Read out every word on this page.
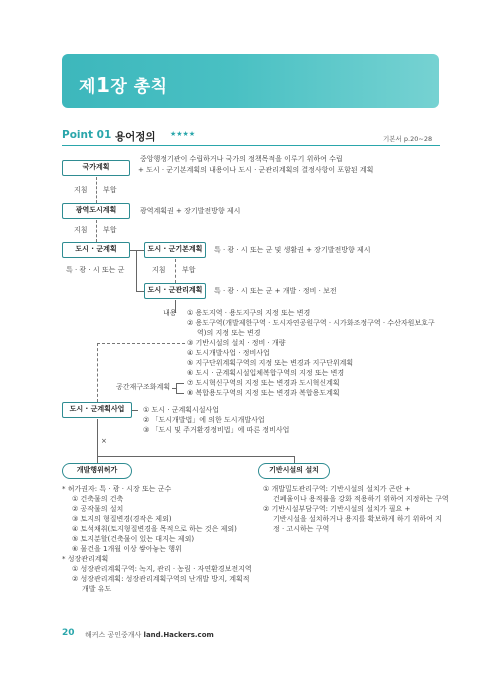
제1장 총칙
Point 01 용어정의 ★★★★
기본서 p.20~28
국가계획
중앙행정기관이 수립하거나 국가의 정책목적을 이루기 위하여 수립
+ 도시 · 군기본계획의 내용이나 도시 · 군관리계획의 결정사항이 포함된 계획
지침 부합
광역도시계획	광역계획권 + 장기발전방향 제시
지침 부합
도시 · 군계획
특 · 광 · 시 또는 군
도시 · 군기본계획	특 · 광 · 시 또는 군 및 생활권 + 장기발전방향 제시
지침 부합
도시 · 군관리계획	특 · 광 · 시 또는 군 + 개발 · 정비 · 보전
내용 ① 용도지역 · 용도지구의 지정 또는 변경
② 용도구역(개발제한구역 · 도시자연공원구역 · 시가화조정구역 · 수산자원보호구
역)의 지정 또는 변경
③ 기반시설의 설치 · 정비 · 개량
④ 도시개발사업 · 정비사업
⑤ 지구단위계획구역의 지정 또는 변경과 지구단위계획
⑥ 도시 · 군계획시설입체복합구역의 지정 또는 변경
⑦ 도시혁신구역의 지정 또는 변경과 도시혁신계획
⑧ 복합용도구역의 지정 또는 변경과 복합용도계획
공간재구조화계획
도시 · 군계획사업	① 도시 · 군계획시설사업
② 「도시개발법」에 의한 도시개발사업
③ 「도시 및 주거환경정비법」에 따른 정비사업
×
개발행위허가	기반시설의 설치
* 허가권자: 특 · 광 · 시장 또는 군수
① 건축물의 건축
② 공작물의 설치
③ 토지의 형질변경(경작은 제외)
④ 토석채취(토지형질변경을 목적으로 하는 것은 제외)
⑤ 토지분할(건축물이 있는 대지는 제외)
⑥ 물건을 1개월 이상 쌓아놓는 행위
* 성장관리계획
① 성장관리계획구역: 녹지, 관리 · 농림 · 자연환경보전지역
② 성장관리계획: 성장관리계획구역의 난개발 방지, 계획적
개발 유도
① 개발밀도관리구역: 기반시설의 설치가 곤란 +
건폐율이나 용적률을 강화 적용하기 위하여 지정하는 구역
② 기반시설부담구역: 기반시설의 설치가 필요 +
기반시설을 설치하거나 용지를 확보하게 하기 위하여 지
정 · 고시하는 구역
20 해커스 공인중개사 land.Hackers.com
